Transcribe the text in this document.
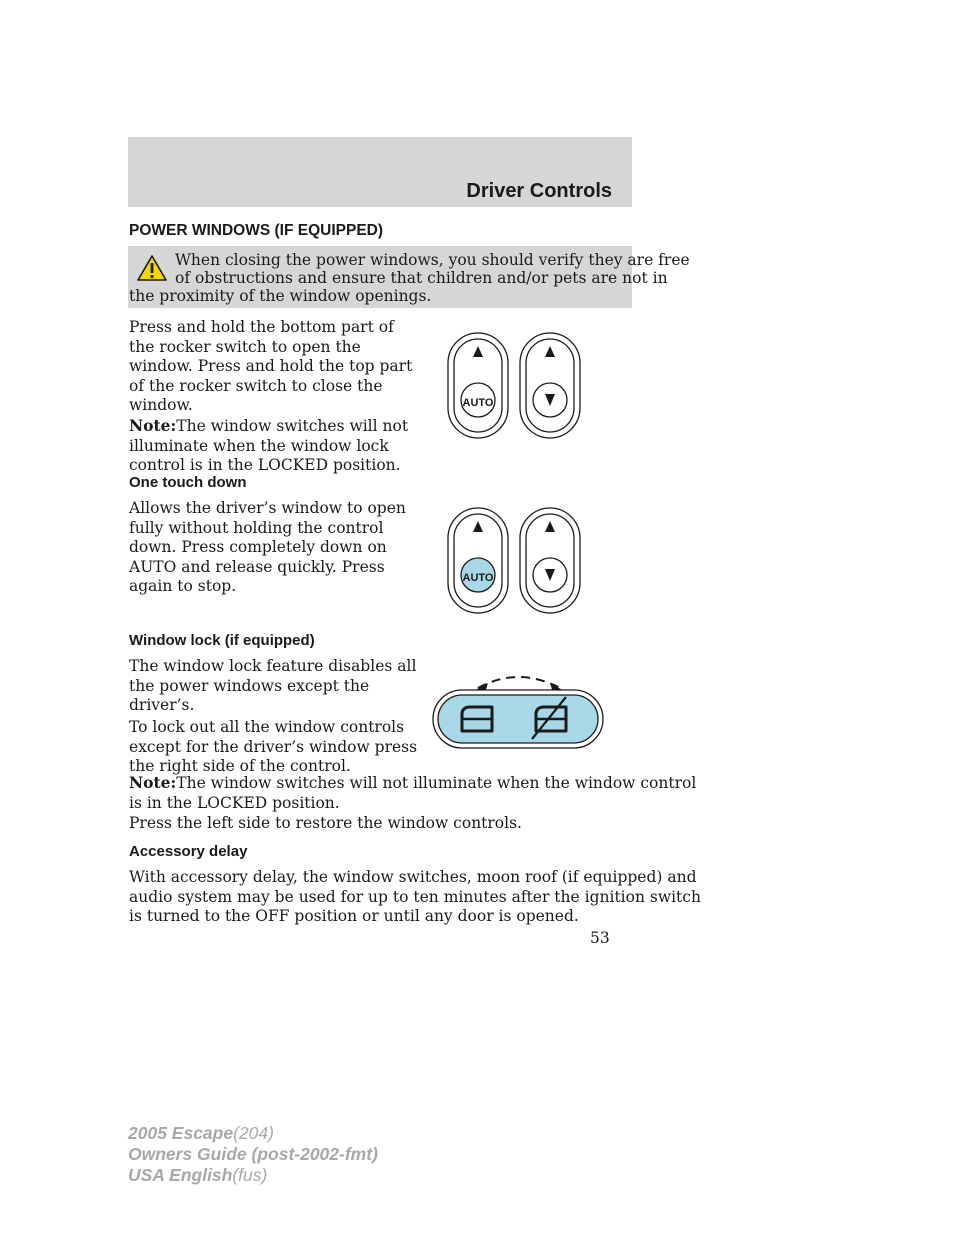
Driver Controls
POWER WINDOWS (IF EQUIPPED)
When closing the power windows, you should verify they are free
of obstructions and ensure that children and/or pets are not in
the proximity of the window openings.
Press and hold the bottom part of
the rocker switch to open the
window. Press and hold the top part
of the rocker switch to close the
window.
Note:The window switches will not
illuminate when the window lock
control is in the LOCKED position.
One touch down
Allows the driver’s window to open
fully without holding the control
down. Press completely down on
AUTO and release quickly. Press
again to stop.
Window lock (if equipped)
The window lock feature disables all
the power windows except the
driver’s.
To lock out all the window controls
except for the driver’s window press
the right side of the control.
Note:The window switches will not illuminate when the window control
is in the LOCKED position.
Press the left side to restore the window controls.
Accessory delay
With accessory delay, the window switches, moon roof (if equipped) and
audio system may be used for up to ten minutes after the ignition switch
is turned to the OFF position or until any door is opened.
53
2005 Escape(204)
Owners Guide (post-2002-fmt)
USA English(fus)
AUTO
AUTO
